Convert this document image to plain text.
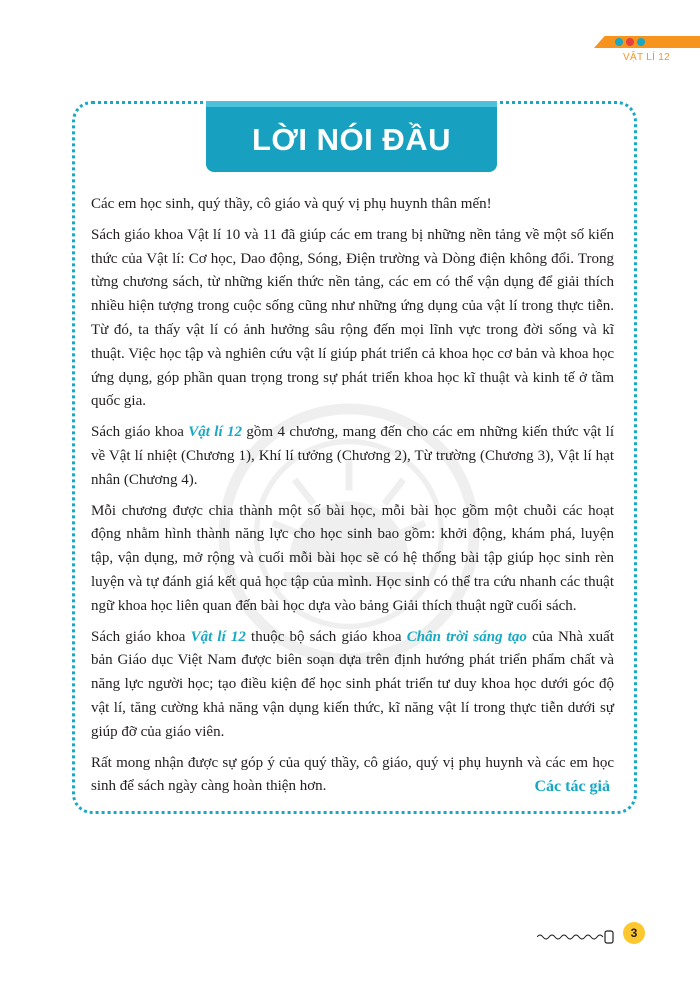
VẬT LÍ 12
LỜI NÓI ĐẦU

Các em học sinh, quý thầy, cô giáo và quý vị phụ huynh thân mến!

Sách giáo khoa Vật lí 10 và 11 đã giúp các em trang bị những nền tảng về một số kiến thức của Vật lí: Cơ học, Dao động, Sóng, Điện trường và Dòng điện không đổi. Trong từng chương sách, từ những kiến thức nền tảng, các em có thể vận dụng để giải thích nhiều hiện tượng trong cuộc sống cũng như những ứng dụng của vật lí trong thực tiễn. Từ đó, ta thấy vật lí có ảnh hưởng sâu rộng đến mọi lĩnh vực trong đời sống và kĩ thuật. Việc học tập và nghiên cứu vật lí giúp phát triển cả khoa học cơ bản và khoa học ứng dụng, góp phần quan trọng trong sự phát triển khoa học kĩ thuật và kinh tế ở tầm quốc gia.

Sách giáo khoa Vật lí 12 gồm 4 chương, mang đến cho các em những kiến thức vật lí về Vật lí nhiệt (Chương 1), Khí lí tưởng (Chương 2), Từ trường (Chương 3), Vật lí hạt nhân (Chương 4).

Mỗi chương được chia thành một số bài học, mỗi bài học gồm một chuỗi các hoạt động nhằm hình thành năng lực cho học sinh bao gồm: khởi động, khám phá, luyện tập, vận dụng, mở rộng và cuối mỗi bài học sẽ có hệ thống bài tập giúp học sinh rèn luyện và tự đánh giá kết quả học tập của mình. Học sinh có thể tra cứu nhanh các thuật ngữ khoa học liên quan đến bài học dựa vào bảng Giải thích thuật ngữ cuối sách.

Sách giáo khoa Vật lí 12 thuộc bộ sách giáo khoa Chân trời sáng tạo của Nhà xuất bản Giáo dục Việt Nam được biên soạn dựa trên định hướng phát triển phẩm chất và năng lực người học; tạo điều kiện để học sinh phát triển tư duy khoa học dưới góc độ vật lí, tăng cường khả năng vận dụng kiến thức, kĩ năng vật lí trong thực tiễn dưới sự giúp đỡ của giáo viên.

Rất mong nhận được sự góp ý của quý thầy, cô giáo, quý vị phụ huynh và các em học sinh để sách ngày càng hoàn thiện hơn.	Các tác giả
3
